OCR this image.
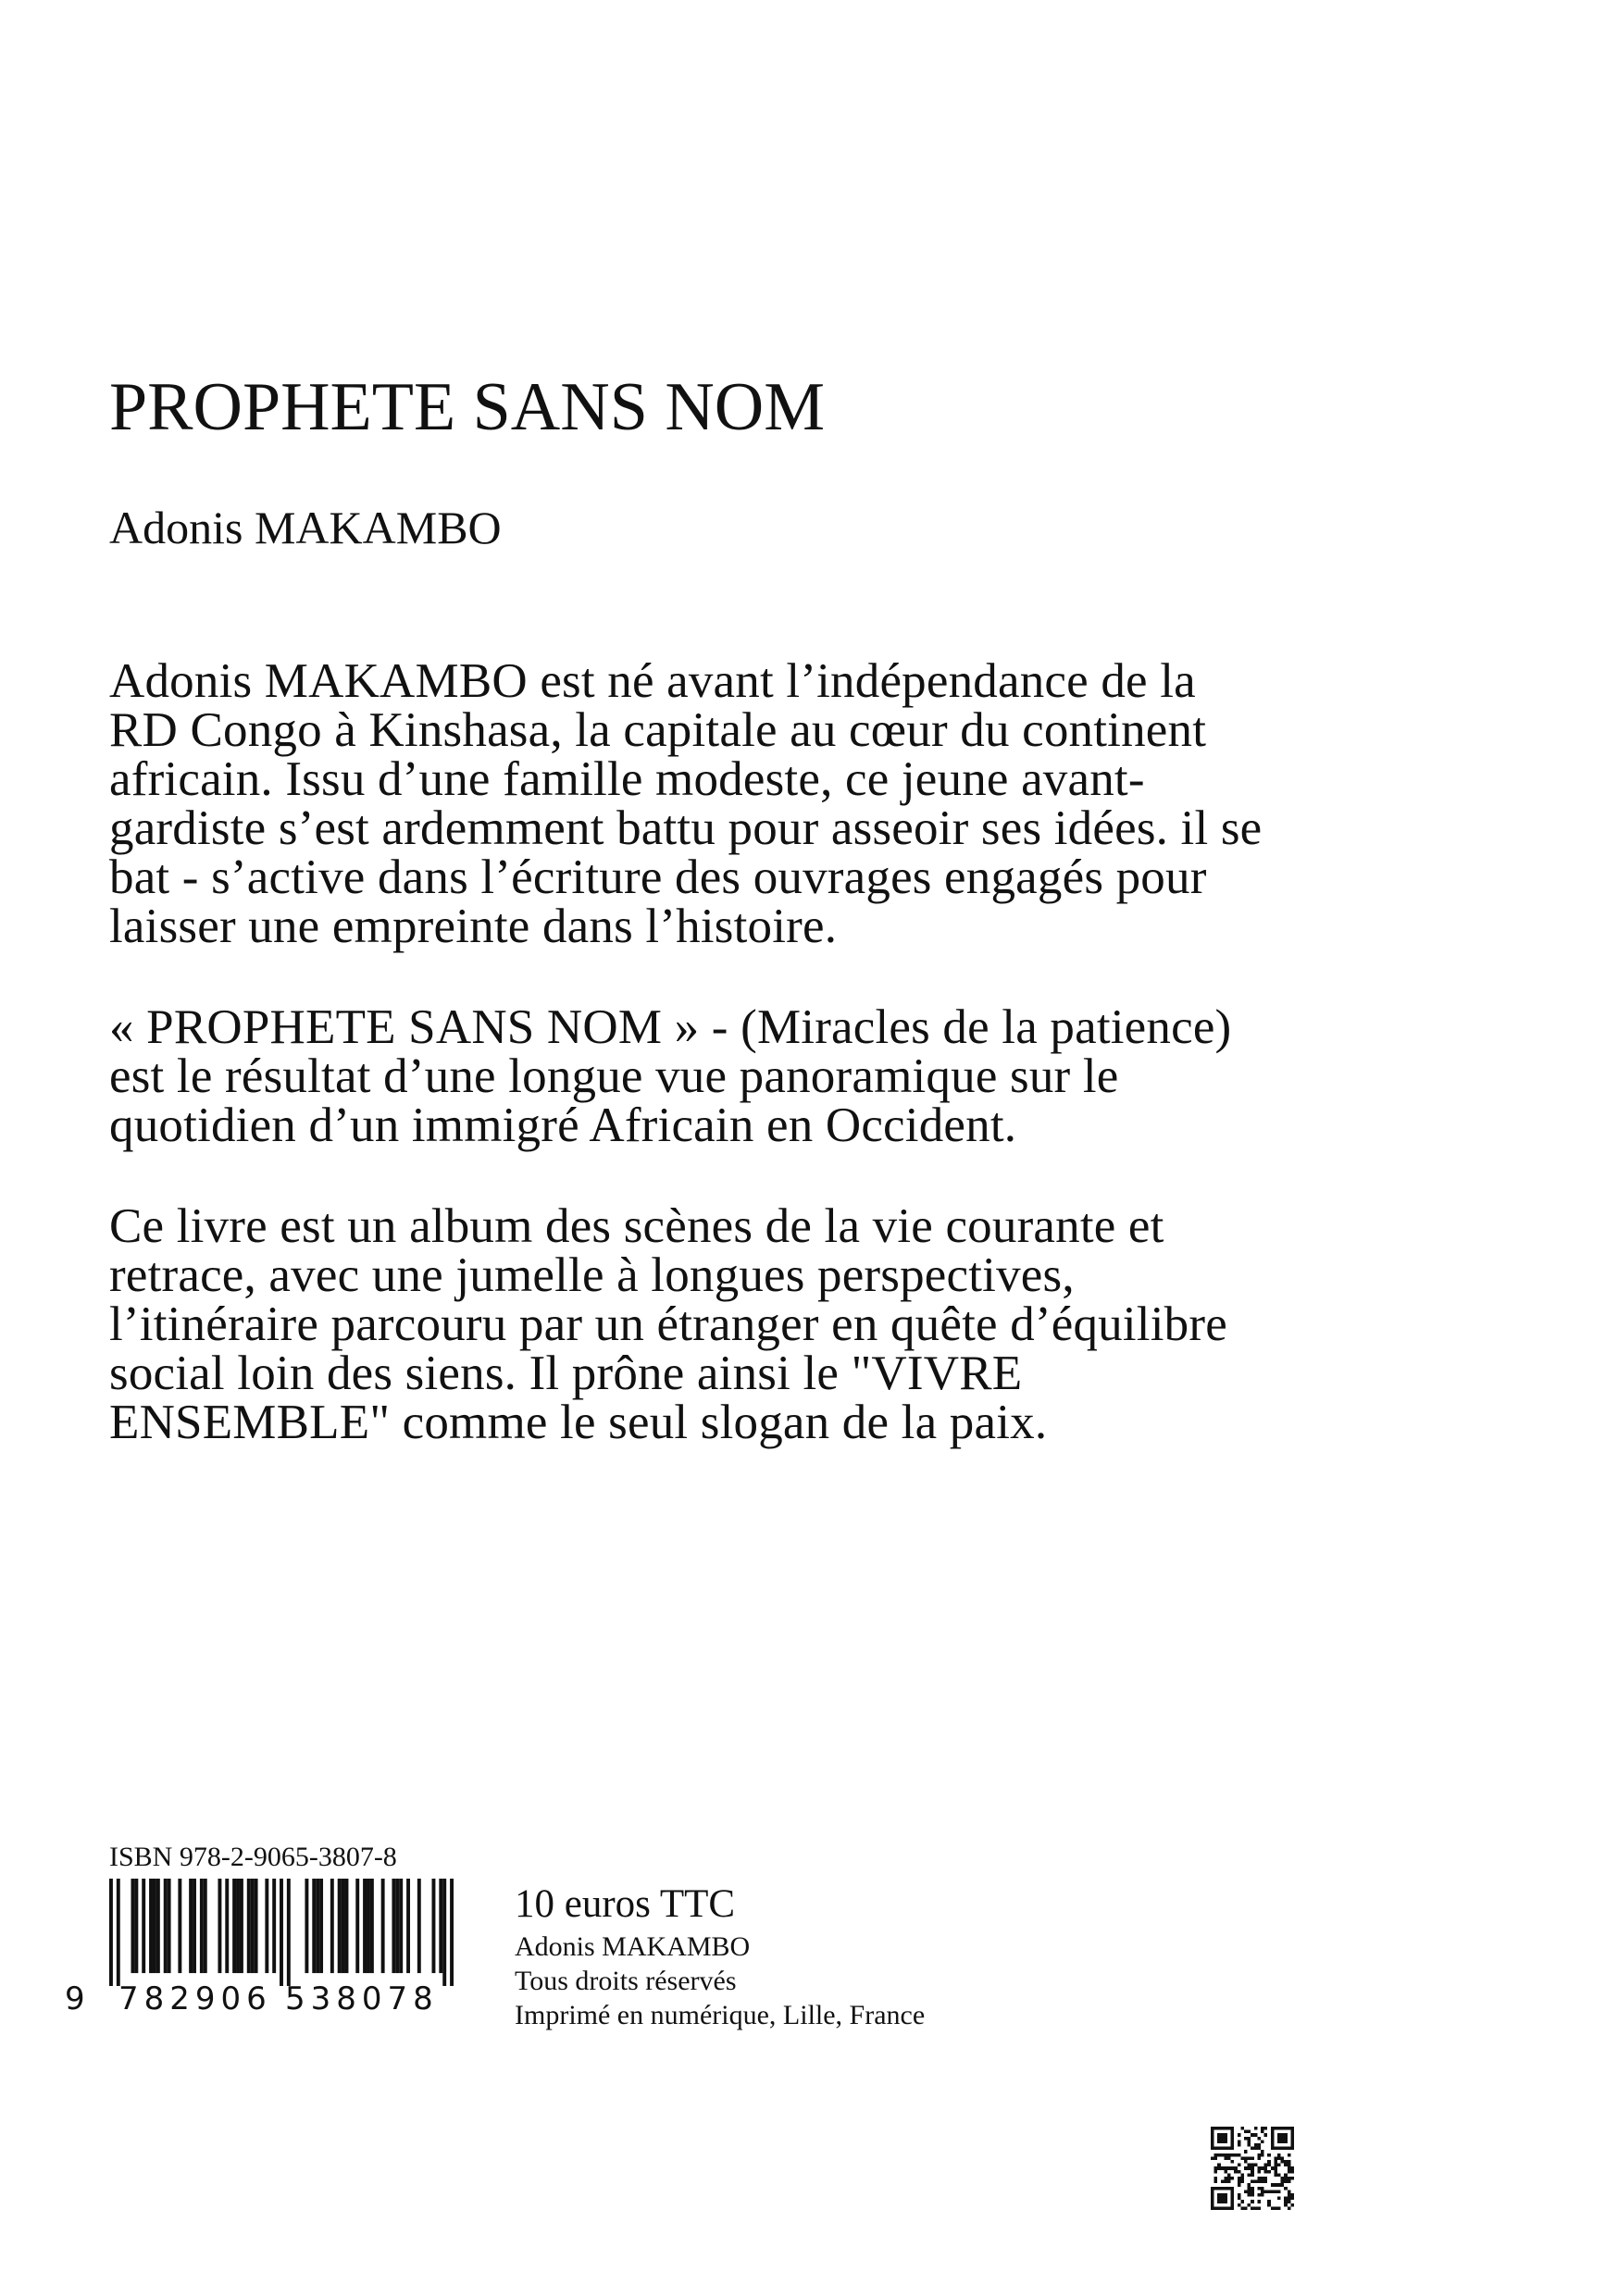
PROPHETE SANS NOM
Adonis MAKAMBO

Adonis MAKAMBO est né avant l’indépendance de la RD Congo à Kinshasa, la capitale au cœur du continent africain. Issu d’une famille modeste, ce jeune avant-gardiste s’est ardemment battu pour asseoir ses idées. il se bat - s’active dans l’écriture des ouvrages engagés pour laisser une empreinte dans l’histoire.

« PROPHETE SANS NOM » - (Miracles de la patience) est le résultat d’une longue vue panoramique sur le quotidien d’un immigré Africain en Occident.

Ce livre est un album des scènes de la vie courante et retrace, avec une jumelle à longues perspectives, l’itinéraire parcouru par un étranger en quête d’équilibre social loin des siens. Il prône ainsi le "VIVRE ENSEMBLE" comme le seul slogan de la paix.

ISBN 978-2-9065-3807-8
9 782906 538078
10 euros TTC
Adonis MAKAMBO
Tous droits réservés
Imprimé en numérique, Lille, France
